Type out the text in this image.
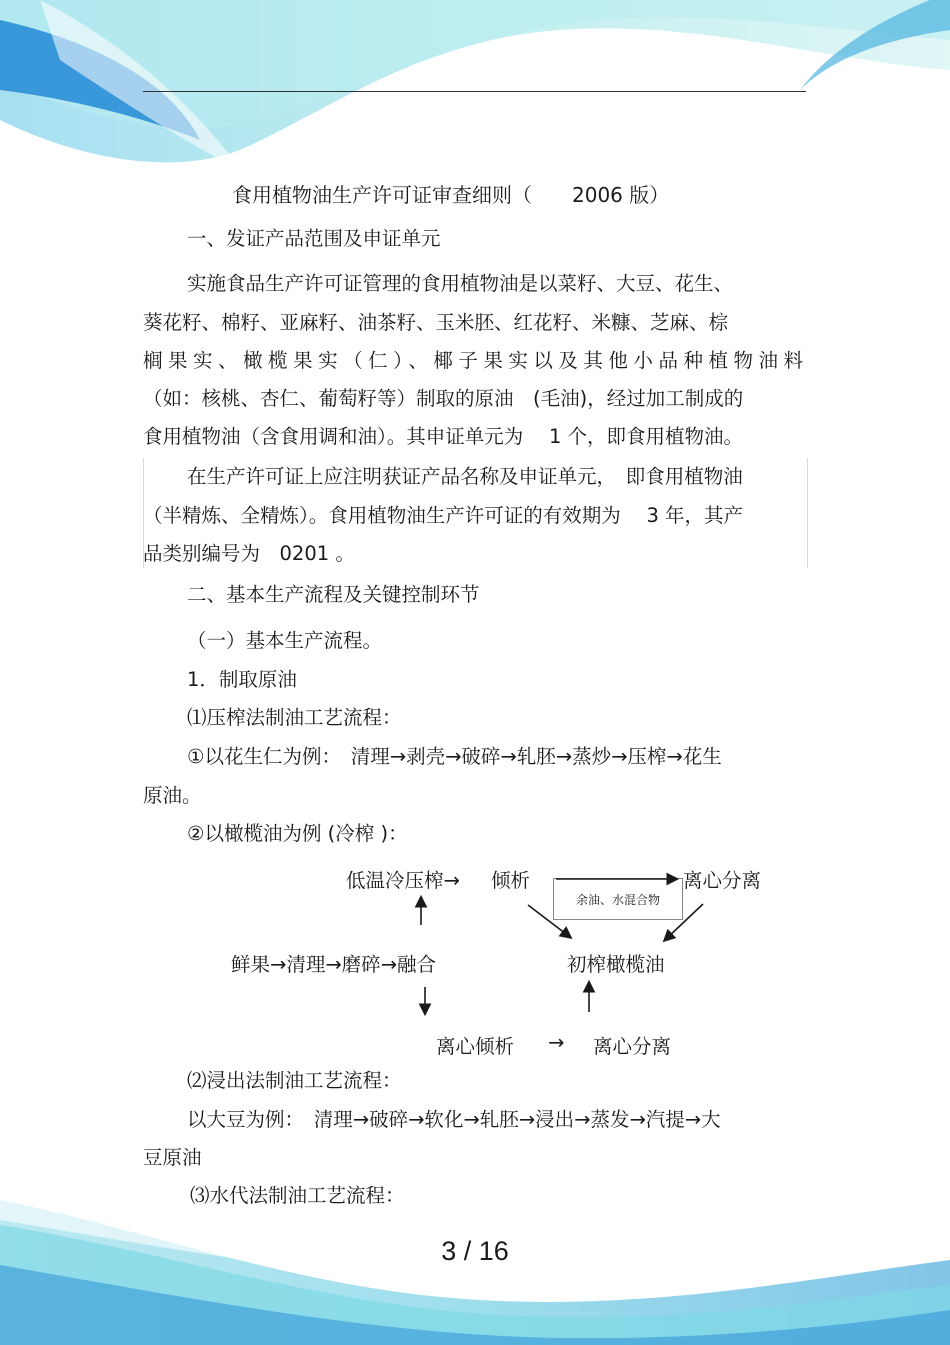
食用植物油生产许可证审查细则（　　2006 版）
一、发证产品范围及申证单元
实施食品生产许可证管理的食用植物油是以菜籽、大豆、花生、
葵花籽、棉籽、亚麻籽、油茶籽、玉米胚、红花籽、米糠、芝麻、棕
榈果实、橄榄果实（仁）、椰子果实以及其他小品种植物油料
（如：核桃、杏仁、葡萄籽等）制取的原油　(毛油)，经过加工制成的
食用植物油（含食用调和油）。其申证单元为　 1 个，即食用植物油。
在生产许可证上应注明获证产品名称及申证单元，　即食用植物油
（半精炼、全精炼）。食用植物油生产许可证的有效期为　 3 年，其产
品类别编号为　0201 。
二、基本生产流程及关键控制环节
（一）基本生产流程。
1．制取原油
⑴压榨法制油工艺流程：
①以花生仁为例：　清理→剥壳→破碎→轧胚→蒸炒→压榨→花生
原油。
②以橄榄油为例 (冷榨 )：
低温冷压榨→ 倾析	离心分离
余油、水混合物
鲜果→清理→磨碎→融合	初榨橄榄油
离心倾析 → 离心分离
⑵浸出法制油工艺流程：
以大豆为例：　清理→破碎→软化→轧胚→浸出→蒸发→汽提→大
豆原油
⑶水代法制油工艺流程：
3 / 16
